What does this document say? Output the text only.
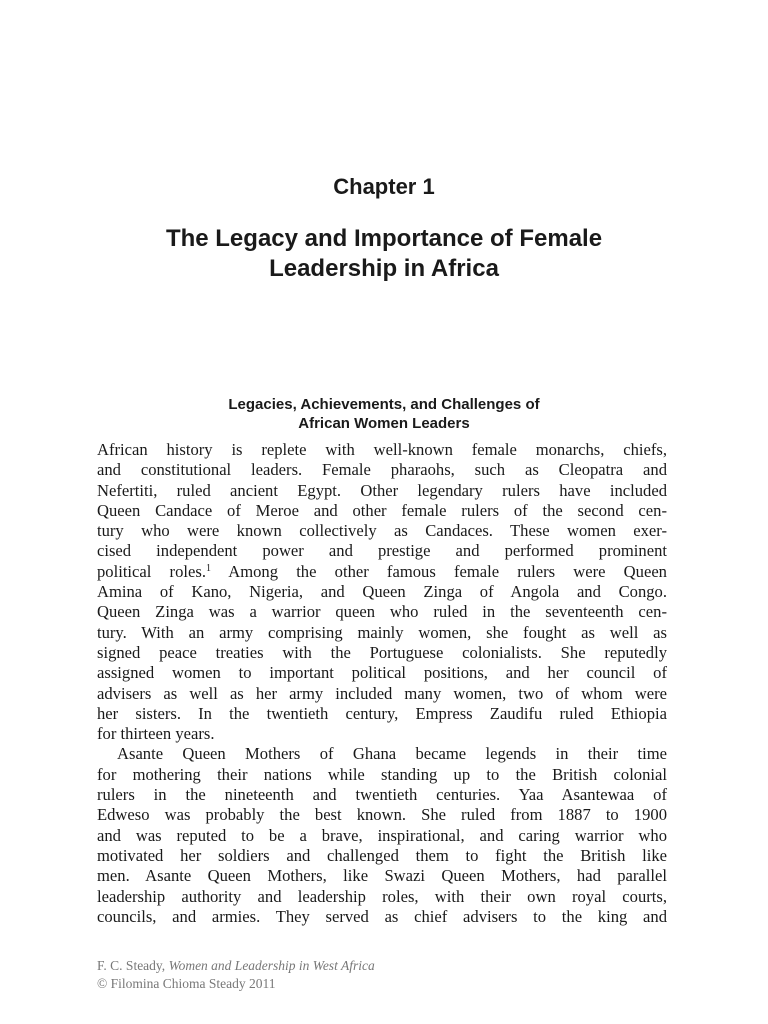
Chapter 1
The Legacy and Importance of Female
Leadership in Africa
Legacies, Achievements, and Challenges of
African Women Leaders
African history is replete with well-known female monarchs, chiefs,
and constitutional leaders. Female pharaohs, such as Cleopatra and
Nefertiti, ruled ancient Egypt. Other legendary rulers have included
Queen Candace of Meroe and other female rulers of the second cen-
tury who were known collectively as Candaces. These women exer-
cised independent power and prestige and performed prominent
political roles.$^1$ Among the other famous female rulers were Queen
Amina of Kano, Nigeria, and Queen Zinga of Angola and Congo.
Queen Zinga was a warrior queen who ruled in the seventeenth cen-
tury. With an army comprising mainly women, she fought as well as
signed peace treaties with the Portuguese colonialists. She reputedly
assigned women to important political positions, and her council of
advisers as well as her army included many women, two of whom were
her sisters. In the twentieth century, Empress Zaudifu ruled Ethiopia
for thirteen years.
Asante Queen Mothers of Ghana became legends in their time
for mothering their nations while standing up to the British colonial
rulers in the nineteenth and twentieth centuries. Yaa Asantewaa of
Edweso was probably the best known. She ruled from 1887 to 1900
and was reputed to be a brave, inspirational, and caring warrior who
motivated her soldiers and challenged them to fight the British like
men. Asante Queen Mothers, like Swazi Queen Mothers, had parallel
leadership authority and leadership roles, with their own royal courts,
councils, and armies. They served as chief advisers to the king and
F. C. Steady, Women and Leadership in West Africa
© Filomina Chioma Steady 2011
